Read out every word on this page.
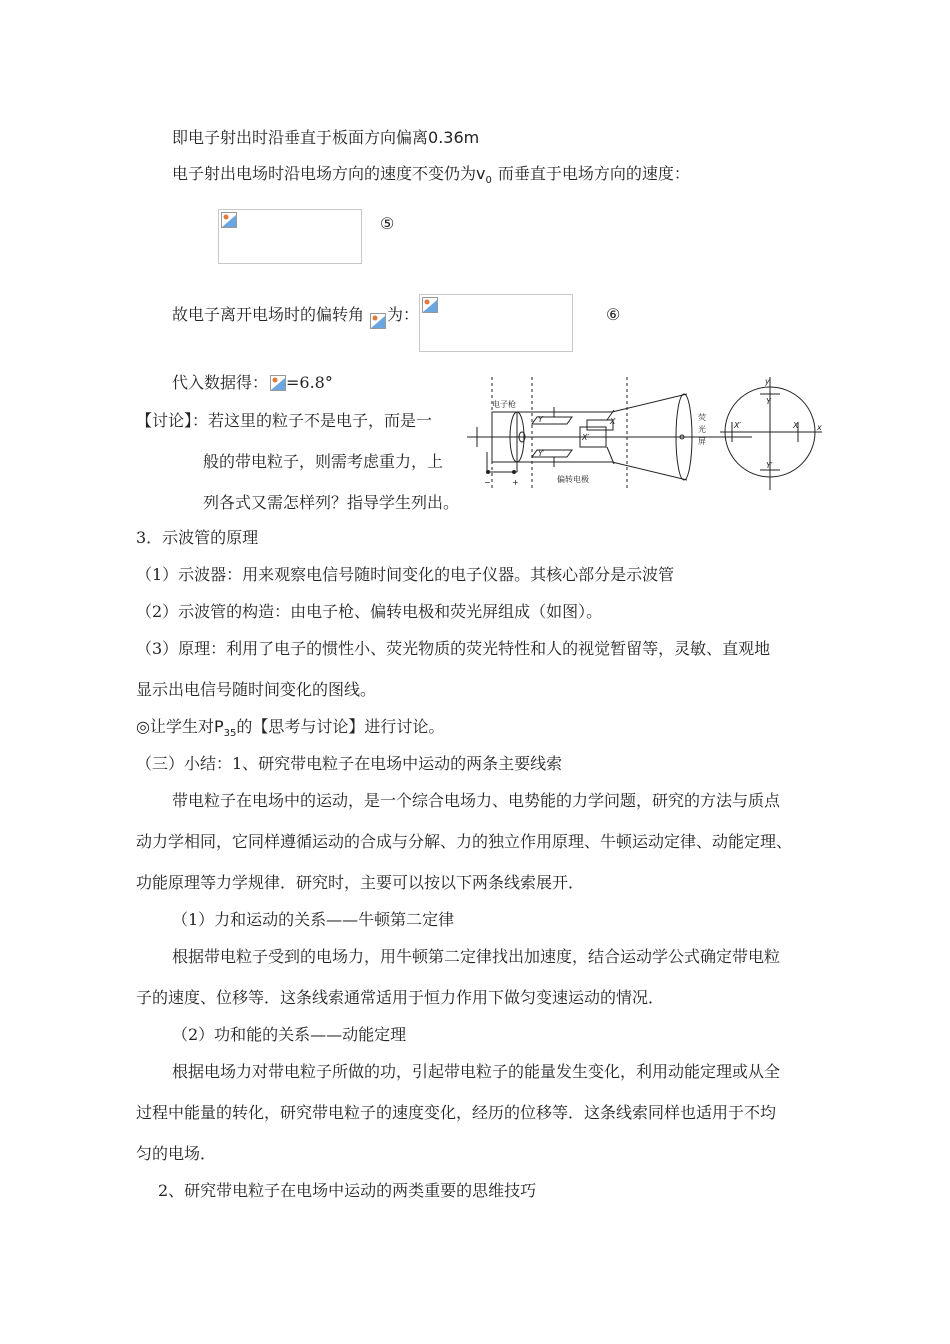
即电子射出时沿垂直于板面方向偏离0.36m
电子射出电场时沿电场方向的速度不变仍为$v_0$ 而垂直于电场方向的速度：
⑤
故电子离开电场时的偏转角 为：	⑥
代入数据得： =6.8°
【讨论】：若这里的粒子不是电子，而是一
般的带电粒子，则需考虑重力，上
列各式又需怎样列？指导学生列出。
电子枪
偏转电极
荧
光
屏
−	+
y
x
Y
Y′
X
X′
Y
Y′
X′	X
3．示波管的原理
（1）示波器：用来观察电信号随时间变化的电子仪器。其核心部分是示波管
（2）示波管的构造：由电子枪、偏转电极和荧光屏组成（如图）。
（3）原理：利用了电子的惯性小、荧光物质的荧光特性和人的视觉暂留等，灵敏、直观地
显示出电信号随时间变化的图线。
◎让学生对$P_{35}$的【思考与讨论】进行讨论。
（三）小结：1、研究带电粒子在电场中运动的两条主要线索
带电粒子在电场中的运动，是一个综合电场力、电势能的力学问题，研究的方法与质点
动力学相同，它同样遵循运动的合成与分解、力的独立作用原理、牛顿运动定律、动能定理、
功能原理等力学规律．研究时，主要可以按以下两条线索展开．
（1）力和运动的关系——牛顿第二定律
根据带电粒子受到的电场力，用牛顿第二定律找出加速度，结合运动学公式确定带电粒
子的速度、位移等．这条线索通常适用于恒力作用下做匀变速运动的情况．
（2）功和能的关系——动能定理
根据电场力对带电粒子所做的功，引起带电粒子的能量发生变化，利用动能定理或从全
过程中能量的转化，研究带电粒子的速度变化，经历的位移等．这条线索同样也适用于不均
匀的电场．
2、研究带电粒子在电场中运动的两类重要的思维技巧
